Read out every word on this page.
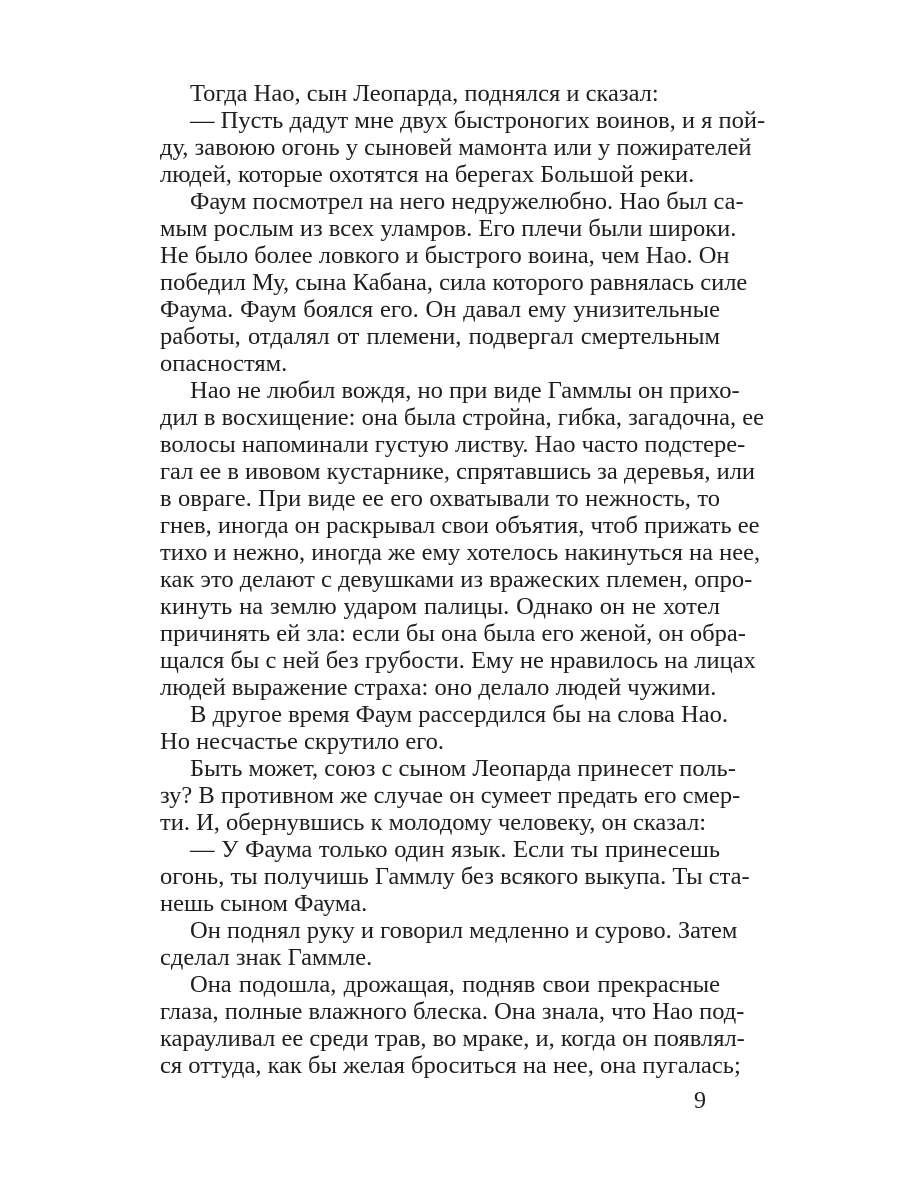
Тогда Нао, сын Леопарда, поднялся и сказал:
— Пусть дадут мне двух быстроногих воинов, и я пой-
ду, завоюю огонь у сыновей мамонта или у пожирателей
людей, которые охотятся на берегах Большой реки.
Фаум посмотрел на него недружелюбно. Нао был са-
мым рослым из всех уламров. Его плечи были широки.
Не было более ловкого и быстрого воина, чем Нао. Он
победил Му, сына Кабана, сила которого равнялась силе
Фаума. Фаум боялся его. Он давал ему унизительные
работы, отдалял от племени, подвергал смертельным
опасностям.
Нао не любил вождя, но при виде Гаммлы он прихо-
дил в восхищение: она была стройна, гибка, загадочна, ее
волосы напоминали густую листву. Нао часто подстере-
гал ее в ивовом кустарнике, спрятавшись за деревья, или
в овраге. При виде ее его охватывали то нежность, то
гнев, иногда он раскрывал свои объятия, чтоб прижать ее
тихо и нежно, иногда же ему хотелось накинуться на нее,
как это делают с девушками из вражеских племен, опро-
кинуть на землю ударом палицы. Однако он не хотел
причинять ей зла: если бы она была его женой, он обра-
щался бы с ней без грубости. Ему не нравилось на лицах
людей выражение страха: оно делало людей чужими.
В другое время Фаум рассердился бы на слова Нао.
Но несчастье скрутило его.
Быть может, союз с сыном Леопарда принесет поль-
зу? В противном же случае он сумеет предать его смер-
ти. И, обернувшись к молодому человеку, он сказал:
— У Фаума только один язык. Если ты принесешь
огонь, ты получишь Гаммлу без всякого выкупа. Ты ста-
нешь сыном Фаума.
Он поднял руку и говорил медленно и сурово. Затем
сделал знак Гаммле.
Она подошла, дрожащая, подняв свои прекрасные
глаза, полные влажного блеска. Она знала, что Нао под-
карауливал ее среди трав, во мраке, и, когда он появлял-
ся оттуда, как бы желая броситься на нее, она пугалась;
9
